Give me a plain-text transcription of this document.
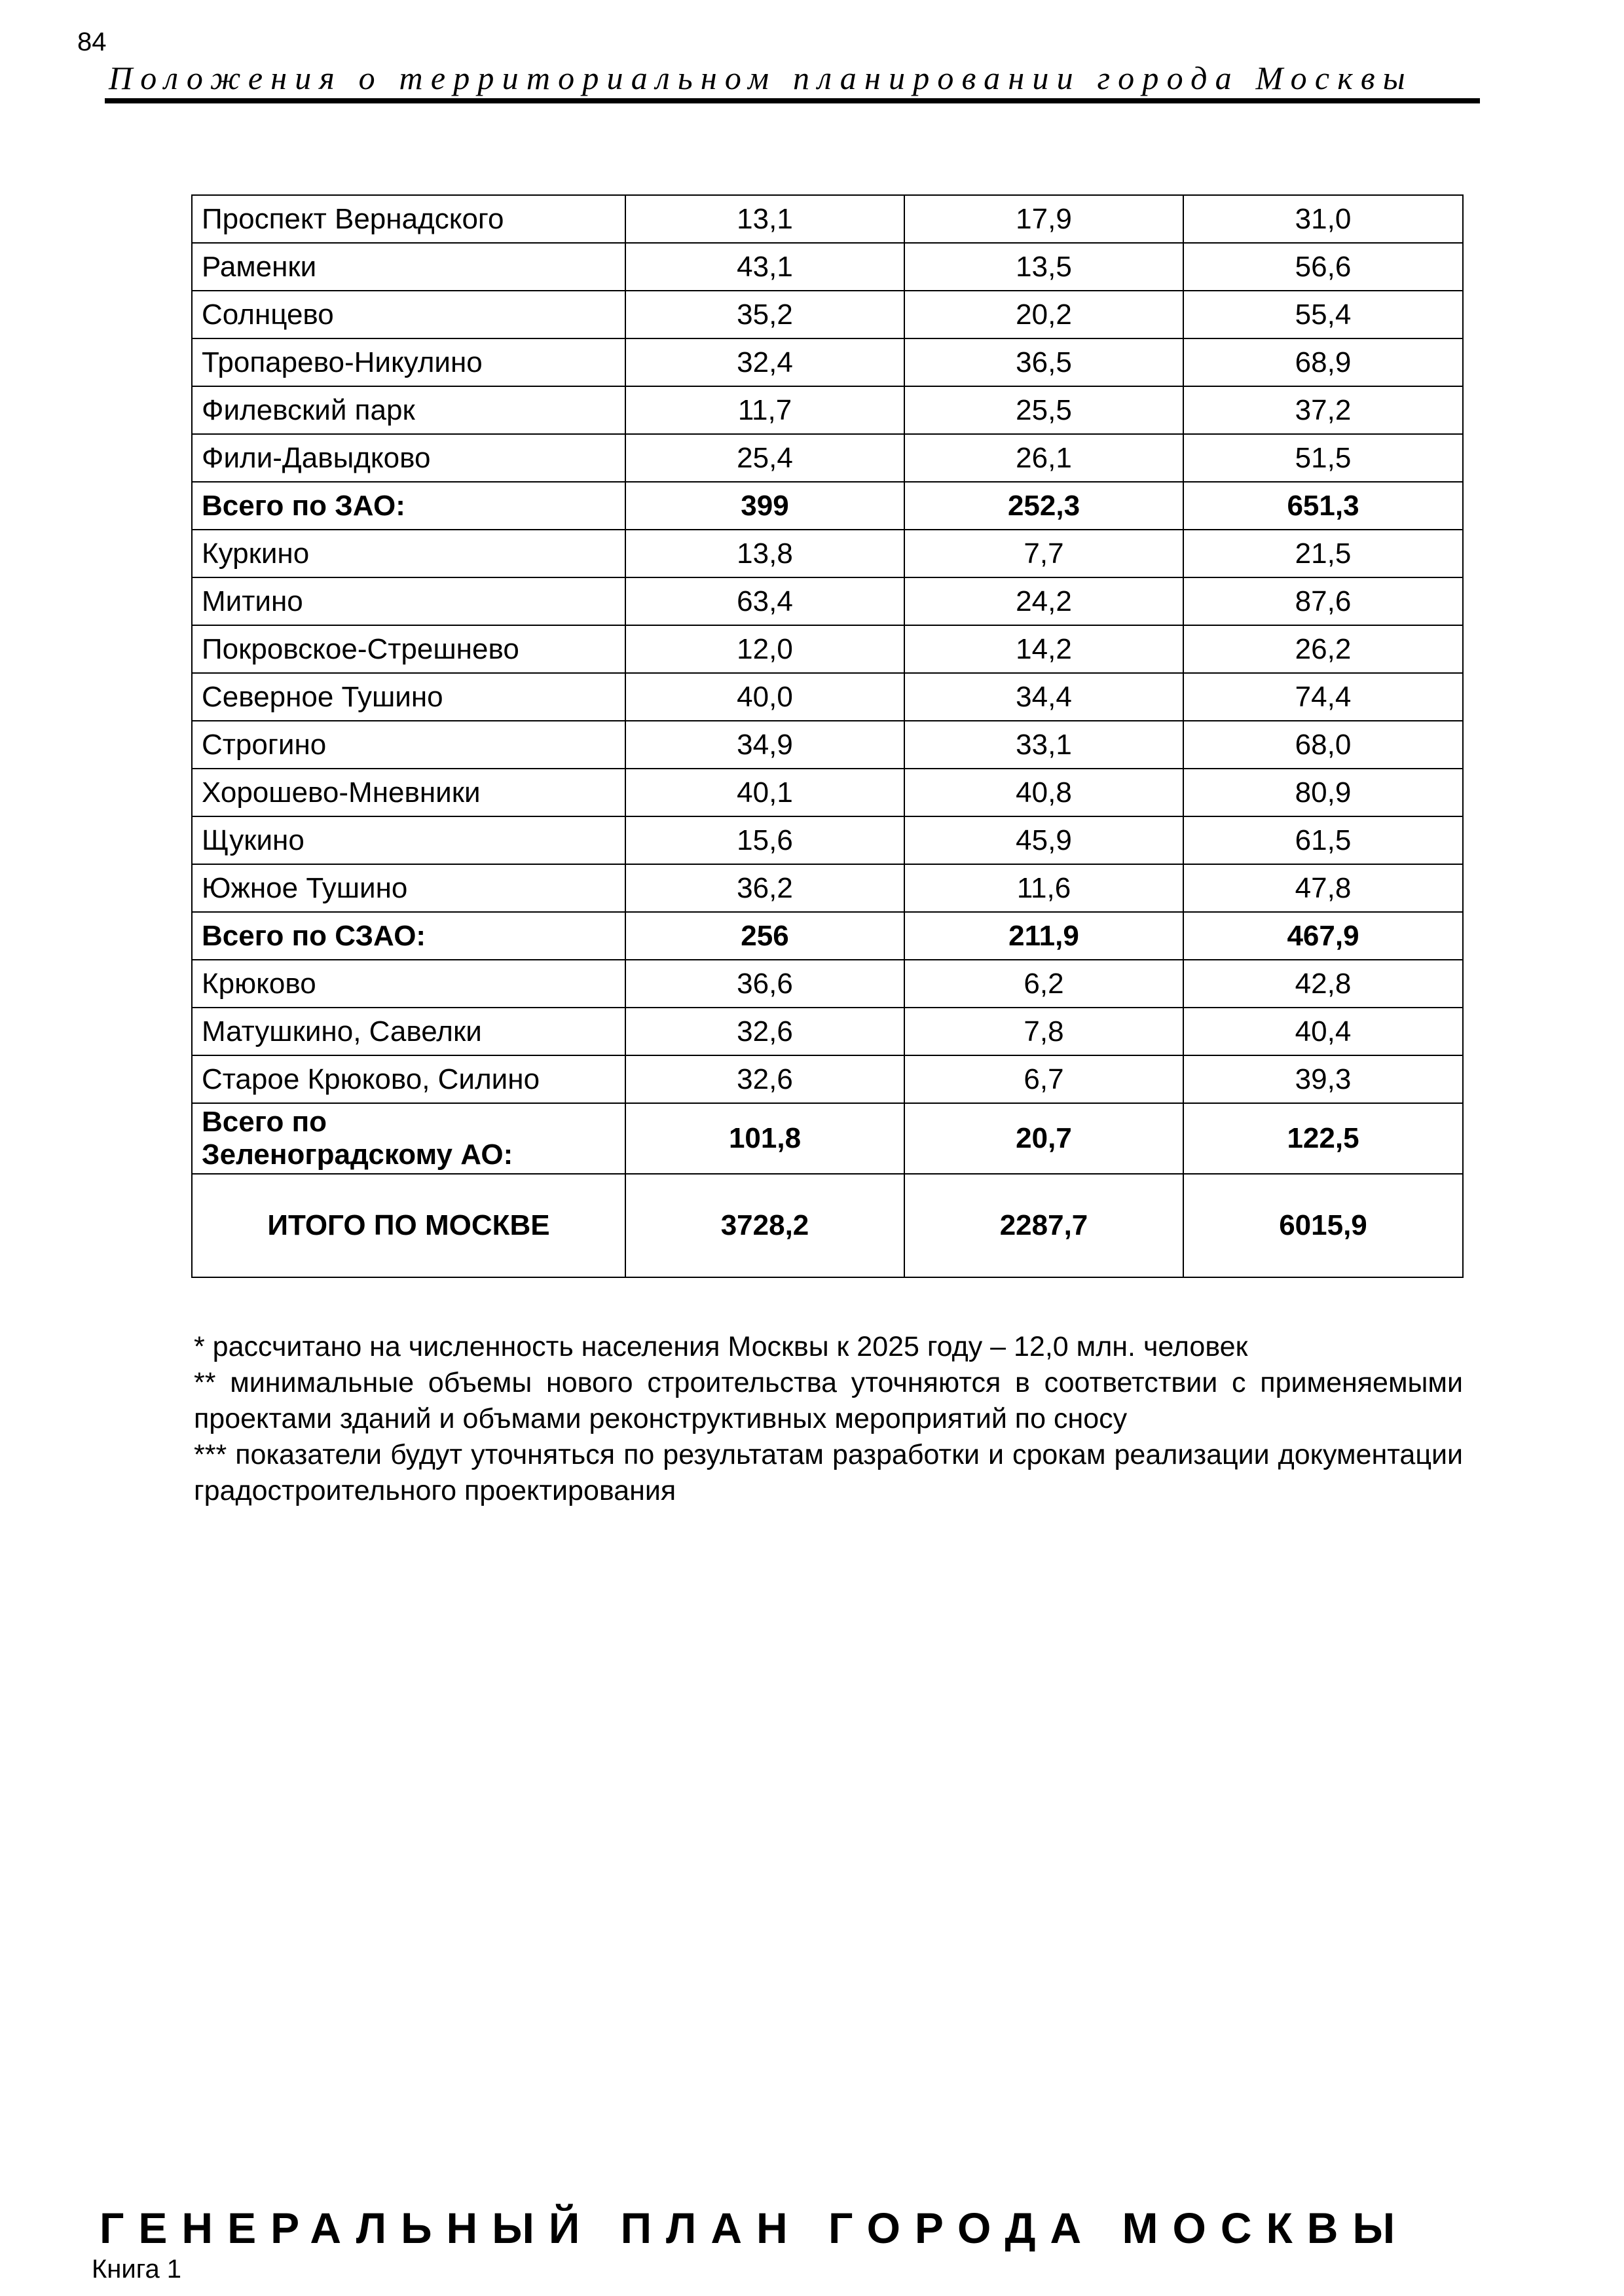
84
Положения о территориальном планировании города Москвы
Проспект Вернадского	13,1	17,9	31,0
Раменки	43,1	13,5	56,6
Солнцево	35,2	20,2	55,4
Тропарево-Никулино	32,4	36,5	68,9
Филевский парк	11,7	25,5	37,2
Фили-Давыдково	25,4	26,1	51,5
Всего по ЗАО:	399	252,3	651,3
Куркино	13,8	7,7	21,5
Митино	63,4	24,2	87,6
Покровское-Стрешнево	12,0	14,2	26,2
Северное Тушино	40,0	34,4	74,4
Строгино	34,9	33,1	68,0
Хорошево-Мневники	40,1	40,8	80,9
Щукино	15,6	45,9	61,5
Южное Тушино	36,2	11,6	47,8
Всего по СЗАО:	256	211,9	467,9
Крюково	36,6	6,2	42,8
Матушкино, Савелки	32,6	7,8	40,4
Старое Крюково, Силино	32,6	6,7	39,3

Всего по
Зеленоградскому АО:	101,8	20,7	122,5
ИТОГО ПО МОСКВЕ	3728,2	2287,7	6015,9
* рассчитано на численность населения Москвы к 2025 году – 12,0 млн. человек
** минимальные объемы нового строительства уточняются в соответствии с применяемыми проектами зданий и объмами реконструктивных мероприятий по сносу
*** показатели будут уточняться по результатам разработки и срокам реализации документации градостроительного проектирования
ГЕНЕРАЛЬНЫЙ ПЛАН ГОРОДА МОСКВЫ
Книга 1
